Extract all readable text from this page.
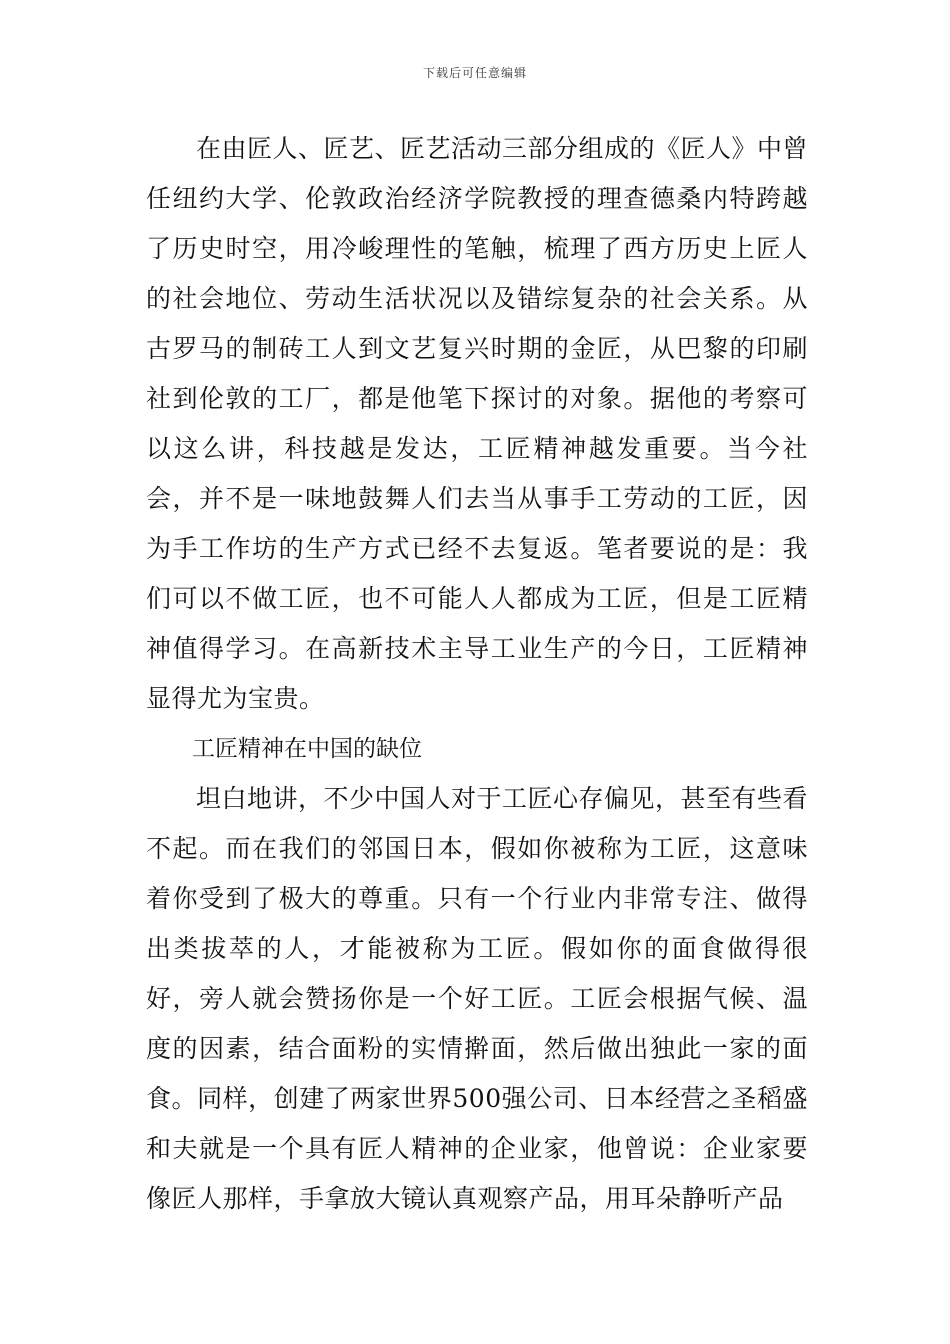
下载后可任意编辑

在由匠人、匠艺、匠艺活动三部分组成的《匠人》中曾任纽约大学、伦敦政治经济学院教授的理查德桑内特跨越了历史时空，用冷峻理性的笔触，梳理了西方历史上匠人的社会地位、劳动生活状况以及错综复杂的社会关系。从古罗马的制砖工人到文艺复兴时期的金匠，从巴黎的印刷社到伦敦的工厂，都是他笔下探讨的对象。据他的考察可以这么讲，科技越是发达，工匠精神越发重要。当今社会，并不是一味地鼓舞人们去当从事手工劳动的工匠，因为手工作坊的生产方式已经不去复返。笔者要说的是：我们可以不做工匠，也不可能人人都成为工匠，但是工匠精神值得学习。在高新技术主导工业生产的今日，工匠精神显得尤为宝贵。

工匠精神在中国的缺位

坦白地讲，不少中国人对于工匠心存偏见，甚至有些看不起。而在我们的邻国日本，假如你被称为工匠，这意味着你受到了极大的尊重。只有一个行业内非常专注、做得出类拔萃的人，才能被称为工匠。假如你的面食做得很好，旁人就会赞扬你是一个好工匠。工匠会根据气候、温度的因素，结合面粉的实情擀面，然后做出独此一家的面食。同样，创建了两家世界500强公司、日本经营之圣稻盛和夫就是一个具有匠人精神的企业家，他曾说：企业家要像匠人那样，手拿放大镜认真观察产品，用耳朵静听产品
